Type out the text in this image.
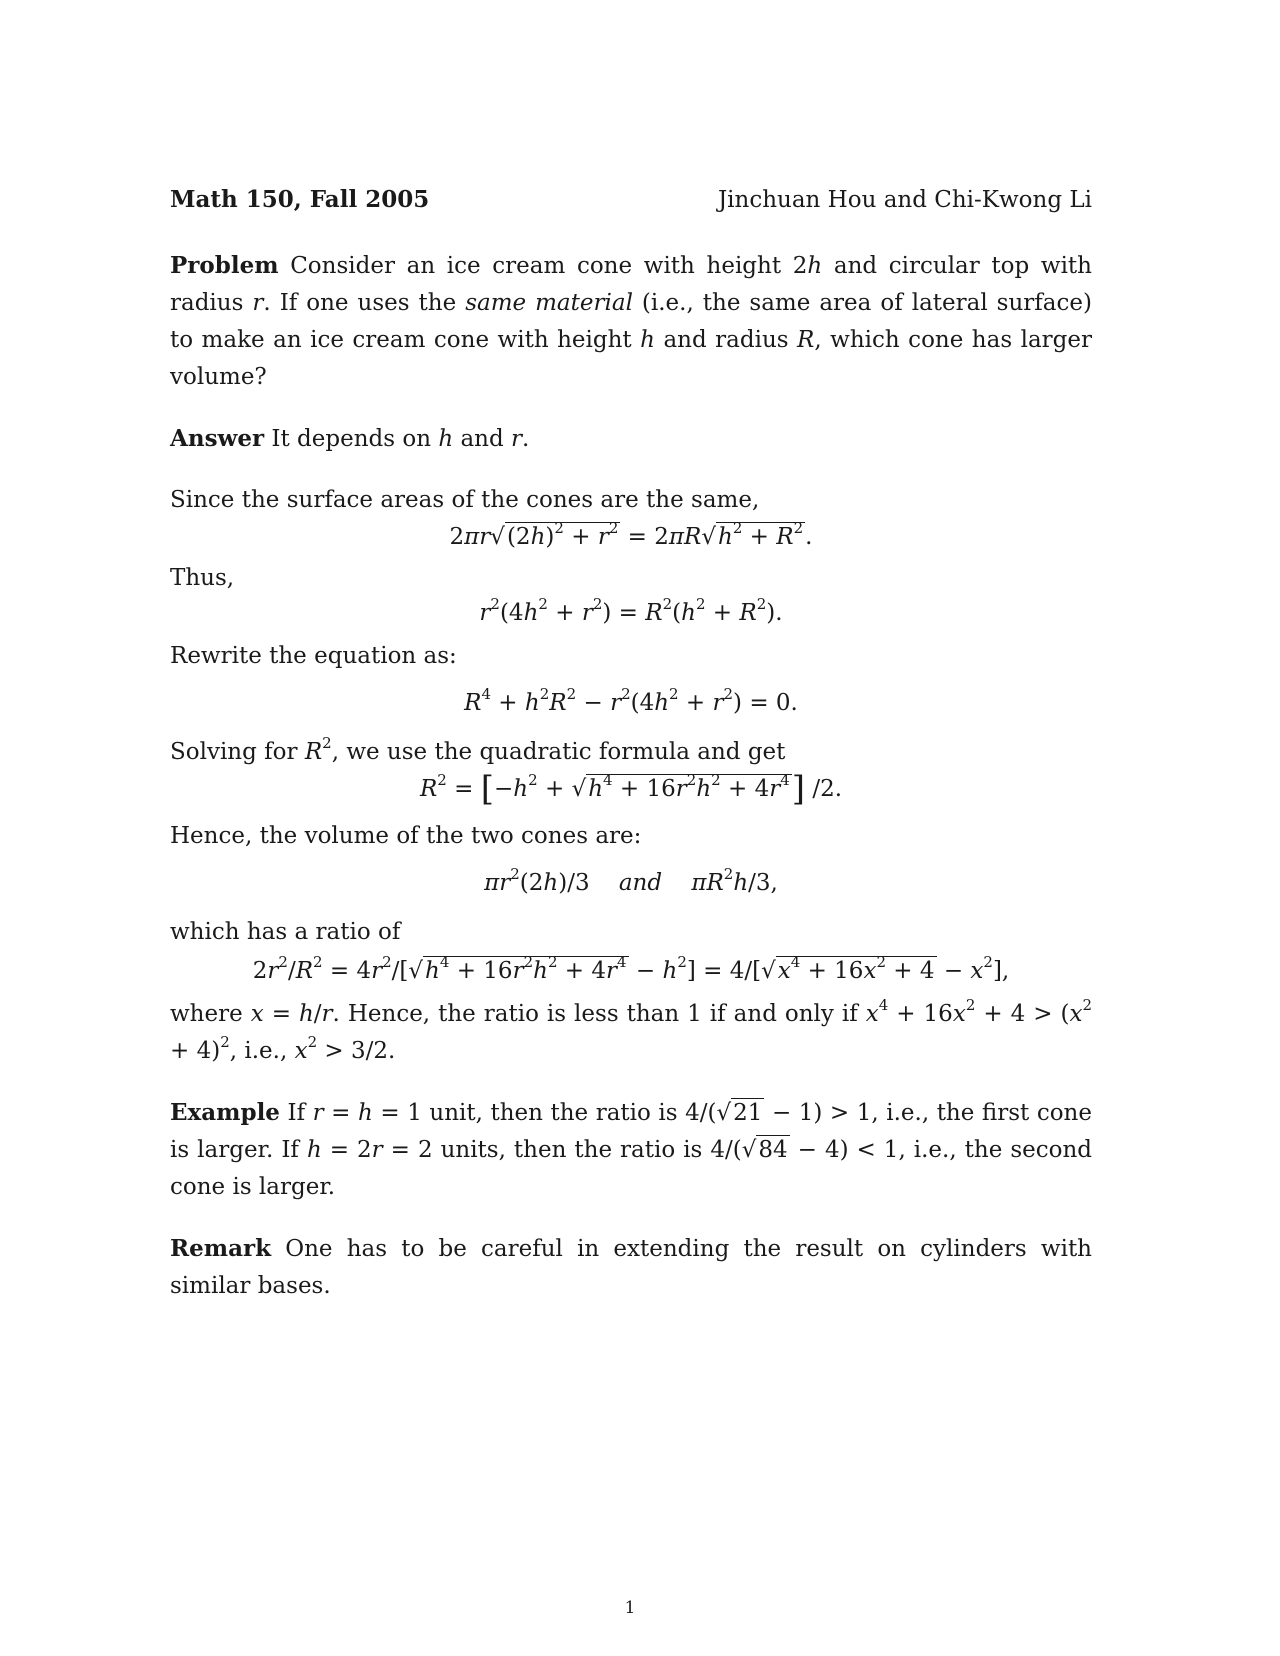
Math 150, Fall 2005	Jinchuan Hou and Chi-Kwong Li

Problem Consider an ice cream cone with height 2h and circular top with radius r. If one uses the same material (i.e., the same area of lateral surface) to make an ice cream cone with height h and radius R, which cone has larger volume?

Answer It depends on h and r.

Since the surface areas of the cones are the same,

$2\pi r√(2h)^2 + r^2 = 2\pi R√h^2 + R^2$.

Thus,

$r^2(4h^2 + r^2) = R^2(h^2 + R^2)$.

Rewrite the equation as:

$R^4 + h^2R^2 - r^2(4h^2 + r^2) = 0$.

Solving for $R^2$, we use the quadratic formula and get

$R^2 = [-h^2 + √h^4 + 16r^2h^2 + 4r^4]$ /2.

Hence, the volume of the two cones are:

$\pi r^2(2h)/3$    and $\pi R^2h/3$,

which has a ratio of

$2r^2/R^2 = 4r^2/[√h^4 + 16r^2h^2 + 4r^4 - h^2] = 4/[√x^4 + 16x^2 + 4 - x^2]$,

where x = h/r. Hence, the ratio is less than 1 if and only if $x^4 + 16x^2 + 4 > (x^2 + 4)^2$, i.e., $x^2 > 3/2$.

Example If r = h = 1 unit, then the ratio is 4/(√21 − 1) > 1, i.e., the first cone is larger. If h = 2r = 2 units, then the ratio is 4/(√84 − 4) < 1, i.e., the second cone is larger.

Remark One has to be careful in extending the result on cylinders with similar bases.

1
